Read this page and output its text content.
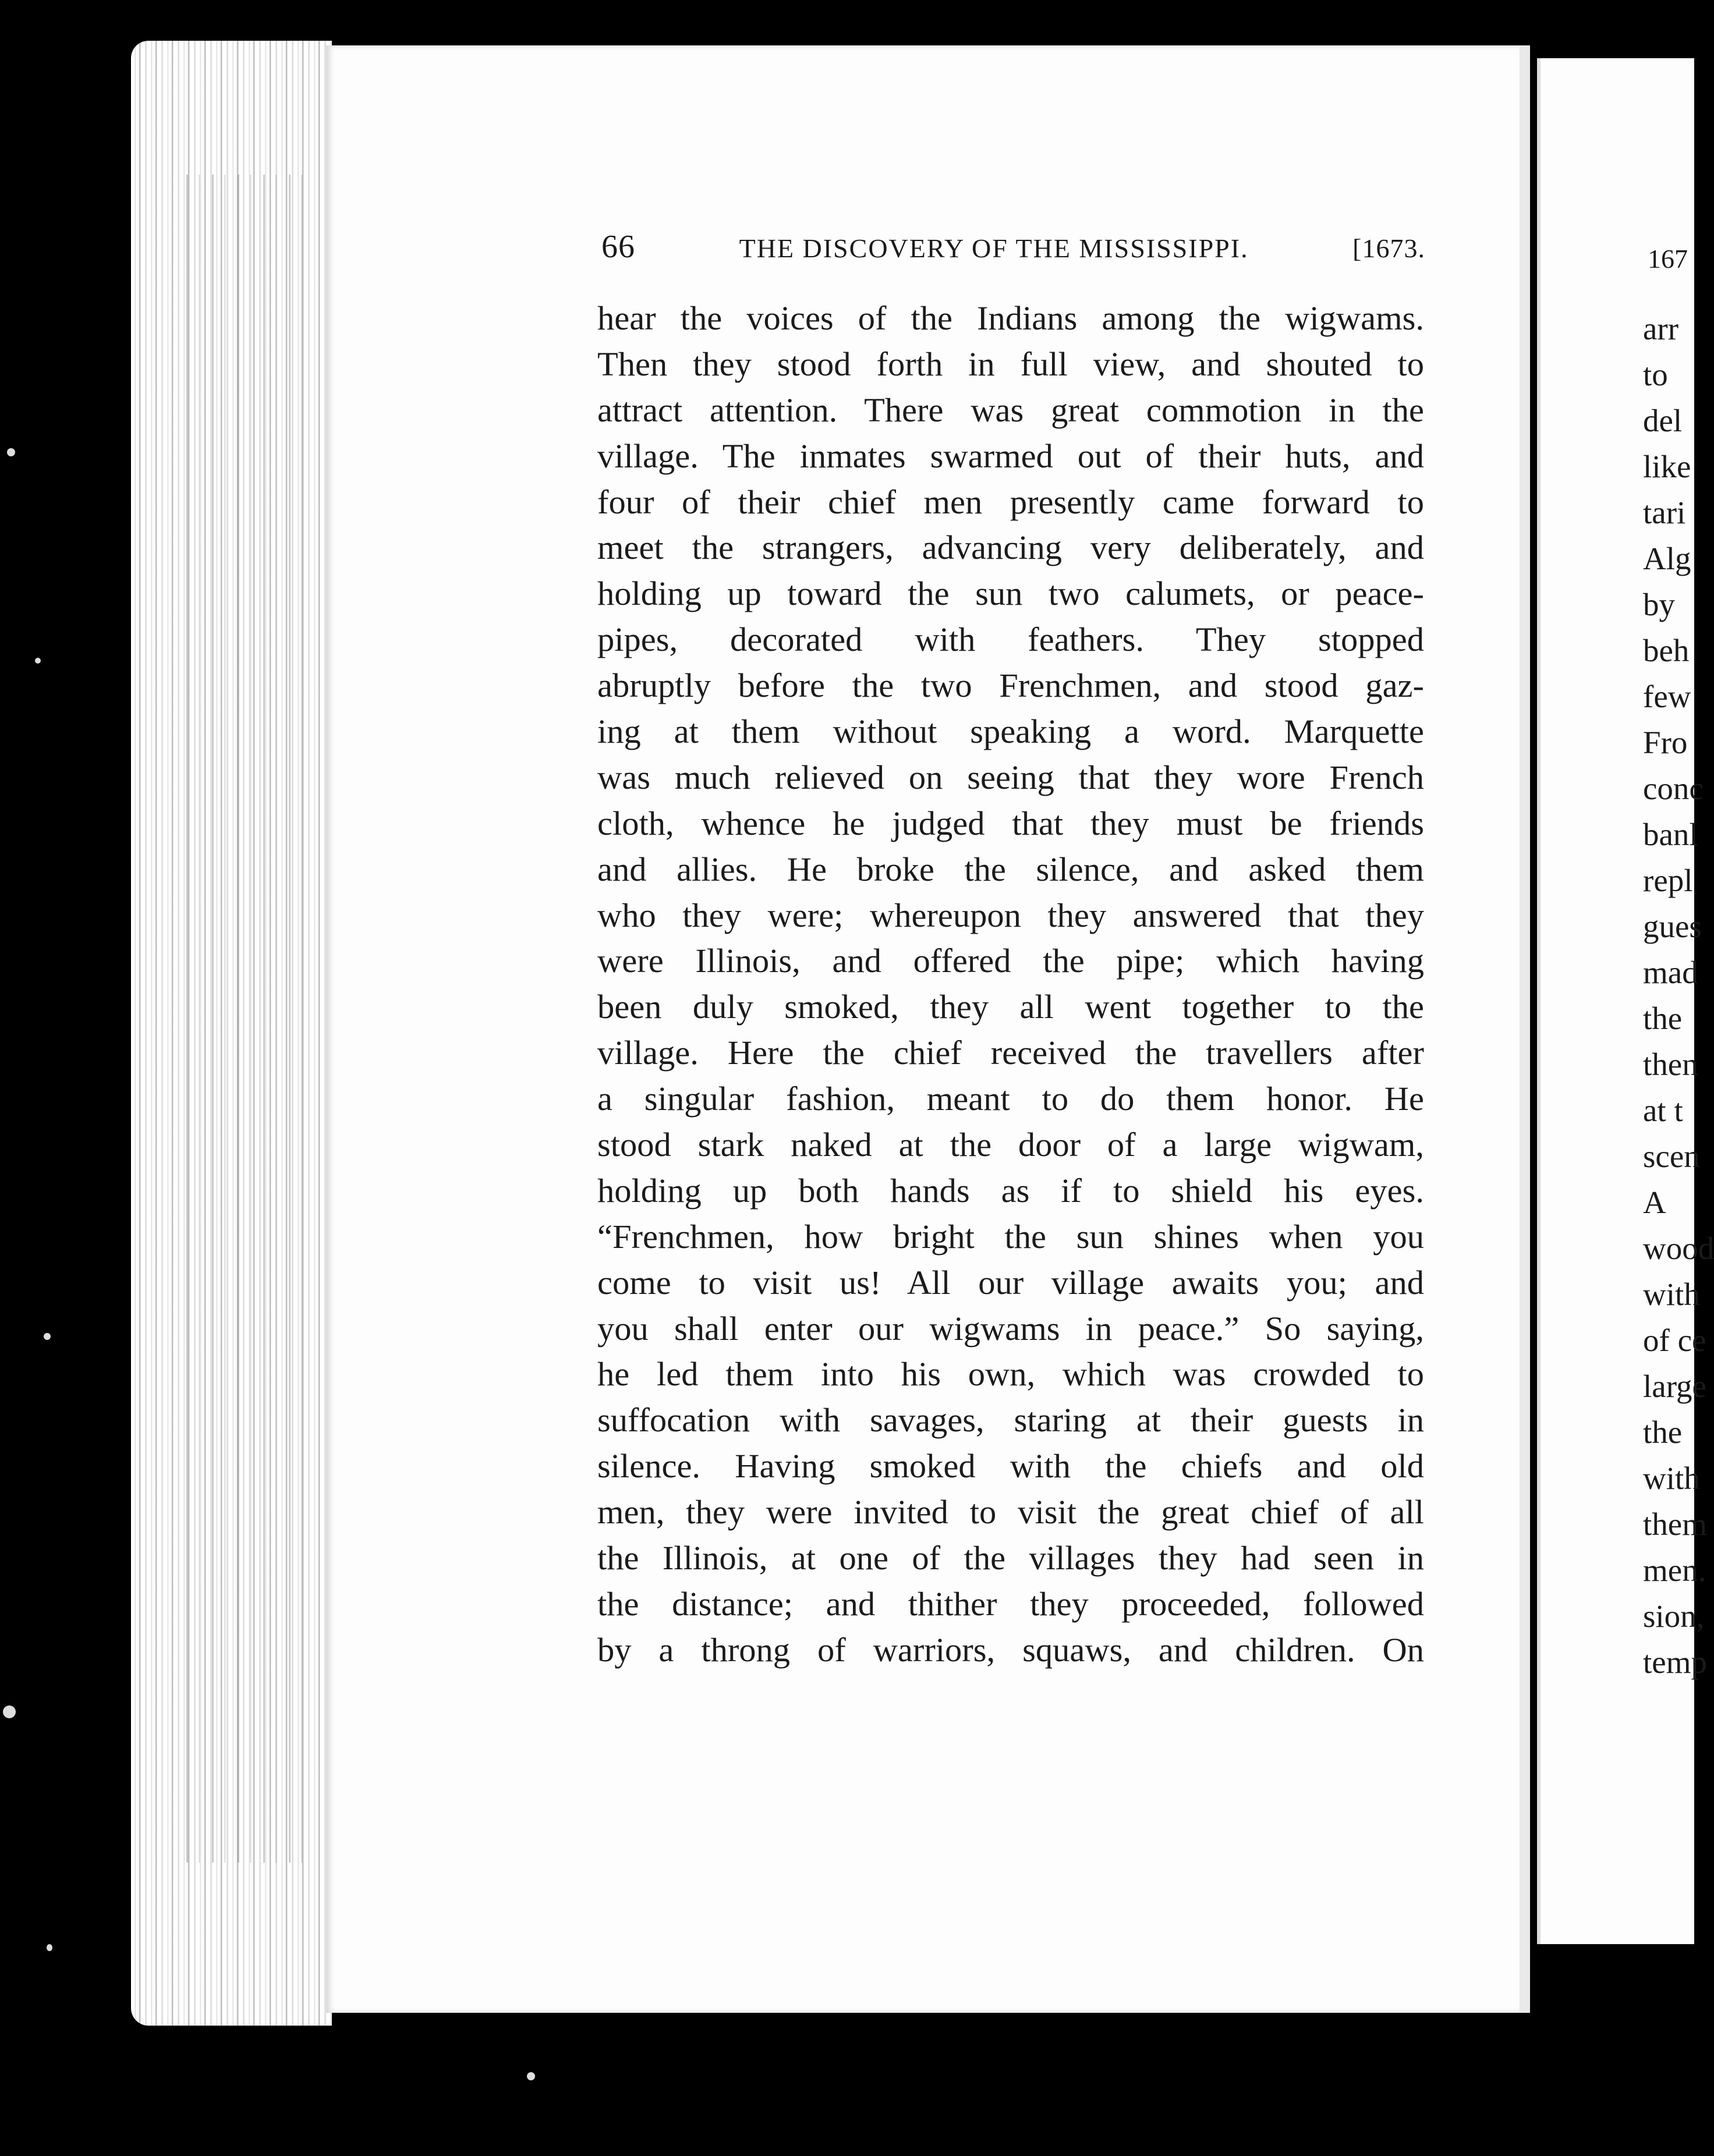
66	THE DISCOVERY OF THE MISSISSIPPI.	[1673.
hear the voices of the Indians among the wigwams.
Then they stood forth in full view, and shouted to
attract attention. There was great commotion in the
village. The inmates swarmed out of their huts, and
four of their chief men presently came forward to
meet the strangers, advancing very deliberately, and
holding up toward the sun two calumets, or peace-
pipes, decorated with feathers. They stopped
abruptly before the two Frenchmen, and stood gaz-
ing at them without speaking a word. Marquette
was much relieved on seeing that they wore French
cloth, whence he judged that they must be friends
and allies. He broke the silence, and asked them
who they were; whereupon they answered that they
were Illinois, and offered the pipe; which having
been duly smoked, they all went together to the
village. Here the chief received the travellers after
a singular fashion, meant to do them honor. He
stood stark naked at the door of a large wigwam,
holding up both hands as if to shield his eyes.
“Frenchmen, how bright the sun shines when you
come to visit us! All our village awaits you; and
you shall enter our wigwams in peace.” So saying,
he led them into his own, which was crowded to
suffocation with savages, staring at their guests in
silence. Having smoked with the chiefs and old
men, they were invited to visit the great chief of all
the Illinois, at one of the villages they had seen in
the distance; and thither they proceeded, followed
by a throng of warriors, squaws, and children. On
167
arr
to
del
like
tari
Alg
by
beh
few
Fro
conc
banl
repl
gues
mad
the
then
at t
scen
A
wood
with
of ce
large
the
with
them
men.
sion,
temp
